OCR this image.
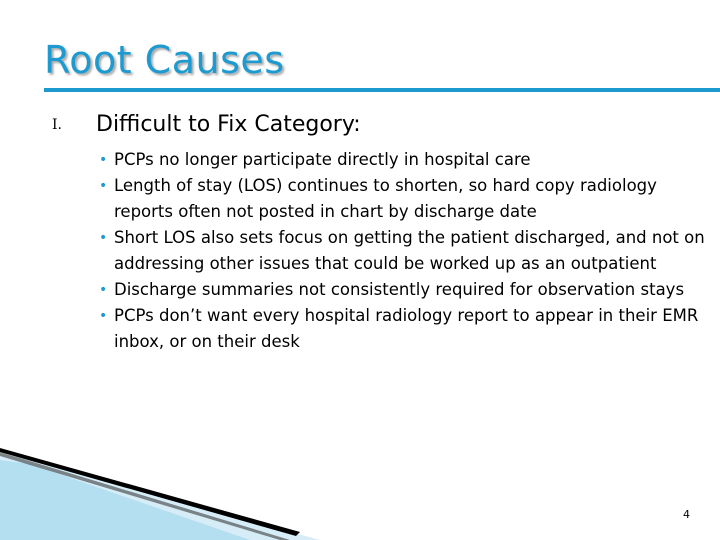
Root Causes
I. Difficult to Fix Category:
• PCPs no longer participate directly in hospital care
• Length of stay (LOS) continues to shorten, so hard copy radiology reports often not posted in chart by discharge date
• Short LOS also sets focus on getting the patient discharged, and not on addressing other issues that could be worked up as an outpatient
• Discharge summaries not consistently required for observation stays
• PCPs don’t want every hospital radiology report to appear in their EMR inbox, or on their desk
4
